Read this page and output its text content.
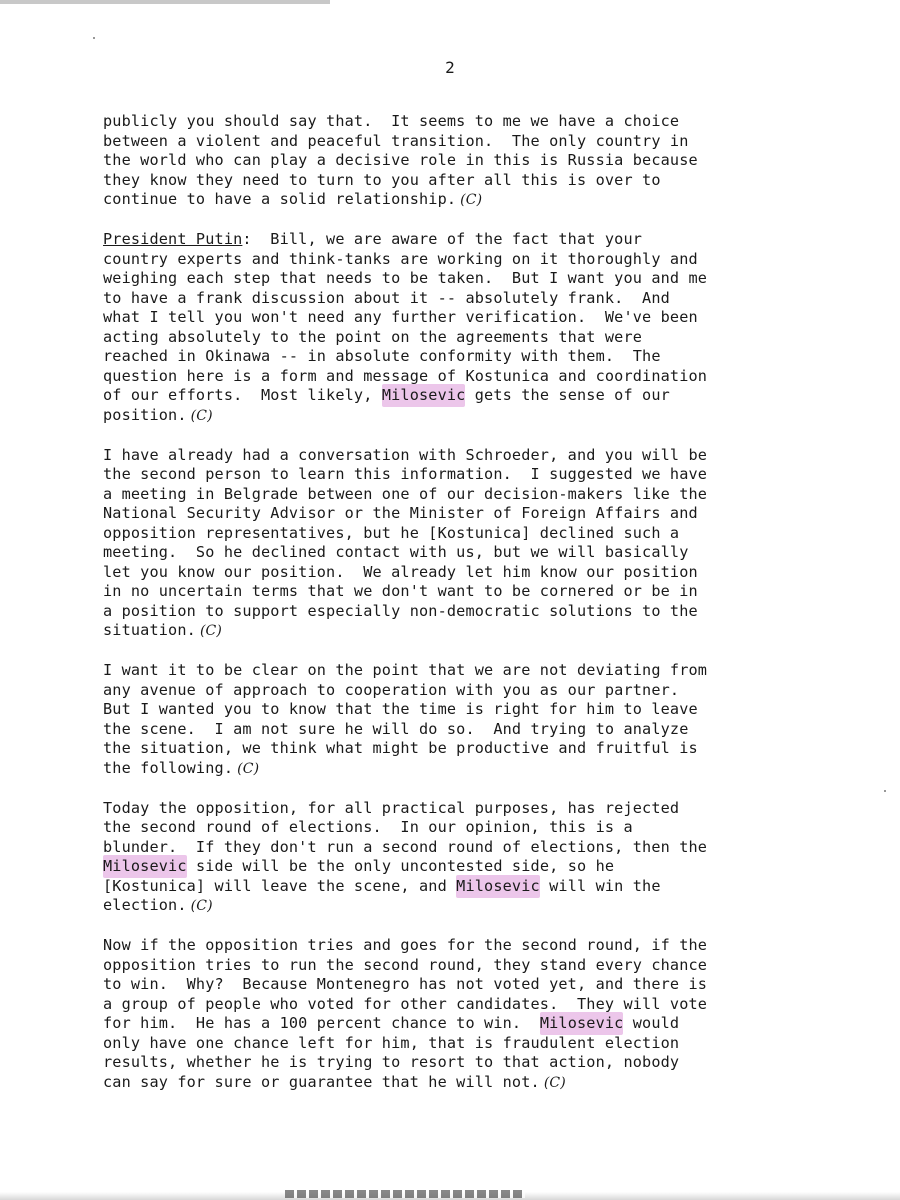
2

publicly you should say that.  It seems to me we have a choice
between a violent and peaceful transition.  The only country in
the world who can play a decisive role in this is Russia because
they know they need to turn to you after all this is over to
continue to have a solid relationship. (C)

President Putin:  Bill, we are aware of the fact that your
country experts and think-tanks are working on it thoroughly and
weighing each step that needs to be taken.  But I want you and me
to have a frank discussion about it -- absolutely frank.  And
what I tell you won't need any further verification.  We've been
acting absolutely to the point on the agreements that were
reached in Okinawa -- in absolute conformity with them.  The
question here is a form and message of Kostunica and coordination
of our efforts.  Most likely, Milosevic gets the sense of our
position. (C)

I have already had a conversation with Schroeder, and you will be
the second person to learn this information.  I suggested we have
a meeting in Belgrade between one of our decision-makers like the
National Security Advisor or the Minister of Foreign Affairs and
opposition representatives, but he [Kostunica] declined such a
meeting.  So he declined contact with us, but we will basically
let you know our position.  We already let him know our position
in no uncertain terms that we don't want to be cornered or be in
a position to support especially non-democratic solutions to the
situation. (C)

I want it to be clear on the point that we are not deviating from
any avenue of approach to cooperation with you as our partner.
But I wanted you to know that the time is right for him to leave
the scene.  I am not sure he will do so.  And trying to analyze
the situation, we think what might be productive and fruitful is
the following. (C)

Today the opposition, for all practical purposes, has rejected
the second round of elections.  In our opinion, this is a
blunder.  If they don't run a second round of elections, then the
Milosevic side will be the only uncontested side, so he
[Kostunica] will leave the scene, and Milosevic will win the
election. (C)

Now if the opposition tries and goes for the second round, if the
opposition tries to run the second round, they stand every chance
to win.  Why?  Because Montenegro has not voted yet, and there is
a group of people who voted for other candidates.  They will vote
for him.  He has a 100 percent chance to win.  Milosevic would
only have one chance left for him, that is fraudulent election
results, whether he is trying to resort to that action, nobody
can say for sure or guarantee that he will not. (C)
